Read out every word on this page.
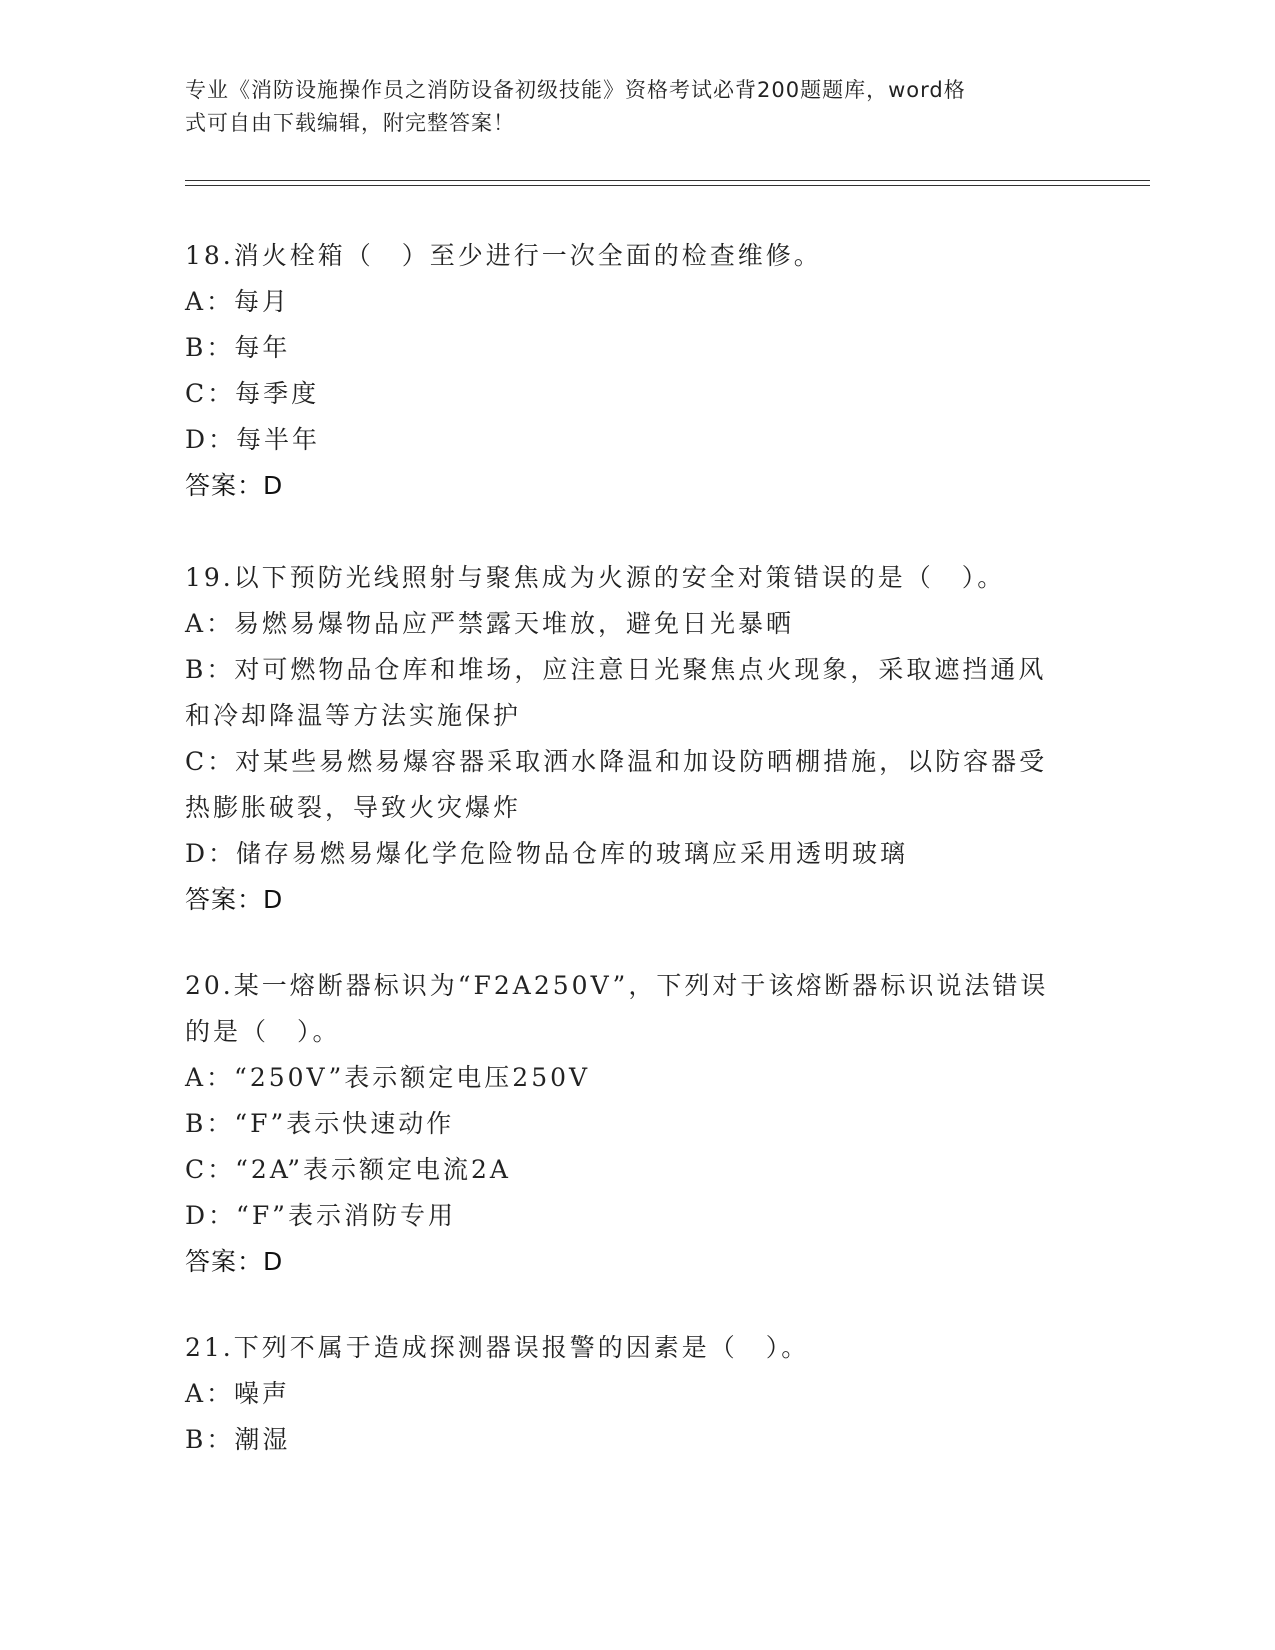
专业《消防设施操作员之消防设备初级技能》资格考试必背200题题库，word格
式可自由下载编辑，附完整答案！
18.消火栓箱（　）至少进行一次全面的检查维修。
A：每月
B：每年
C：每季度
D：每半年
答案：D
19.以下预防光线照射与聚焦成为火源的安全对策错误的是（　）。
A：易燃易爆物品应严禁露天堆放，避免日光暴晒
B：对可燃物品仓库和堆场，应注意日光聚焦点火现象，采取遮挡通风
和冷却降温等方法实施保护
C：对某些易燃易爆容器采取洒水降温和加设防晒棚措施，以防容器受
热膨胀破裂，导致火灾爆炸
D：储存易燃易爆化学危险物品仓库的玻璃应采用透明玻璃
答案：D
20.某一熔断器标识为“F2A250V”，下列对于该熔断器标识说法错误
的是（　）。
A：“250V”表示额定电压250V
B：“F”表示快速动作
C：“2A”表示额定电流2A
D：“F”表示消防专用
答案：D
21.下列不属于造成探测器误报警的因素是（　）。
A：噪声
B：潮湿
